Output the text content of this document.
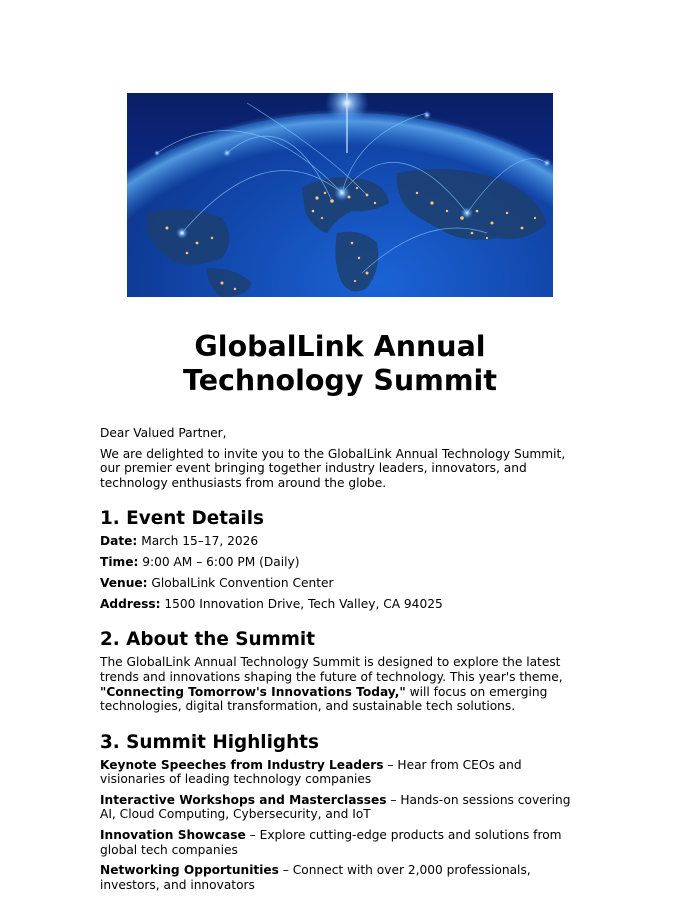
GlobalLink Annual
Technology Summit

Dear Valued Partner,

We are delighted to invite you to the GlobalLink Annual Technology Summit, our premier event bringing together industry leaders, innovators, and technology enthusiasts from around the globe.

1. Event Details

Date: March 15–17, 2026

Time: 9:00 AM – 6:00 PM (Daily)

Venue: GlobalLink Convention Center

Address: 1500 Innovation Drive, Tech Valley, CA 94025

2. About the Summit

The GlobalLink Annual Technology Summit is designed to explore the latest trends and innovations shaping the future of technology. This year's theme, "Connecting Tomorrow's Innovations Today," will focus on emerging technologies, digital transformation, and sustainable tech solutions.

3. Summit Highlights

Keynote Speeches from Industry Leaders – Hear from CEOs and visionaries of leading technology companies

Interactive Workshops and Masterclasses – Hands-on sessions covering AI, Cloud Computing, Cybersecurity, and IoT

Innovation Showcase – Explore cutting-edge products and solutions from global tech companies

Networking Opportunities – Connect with over 2,000 professionals, investors, and innovators
